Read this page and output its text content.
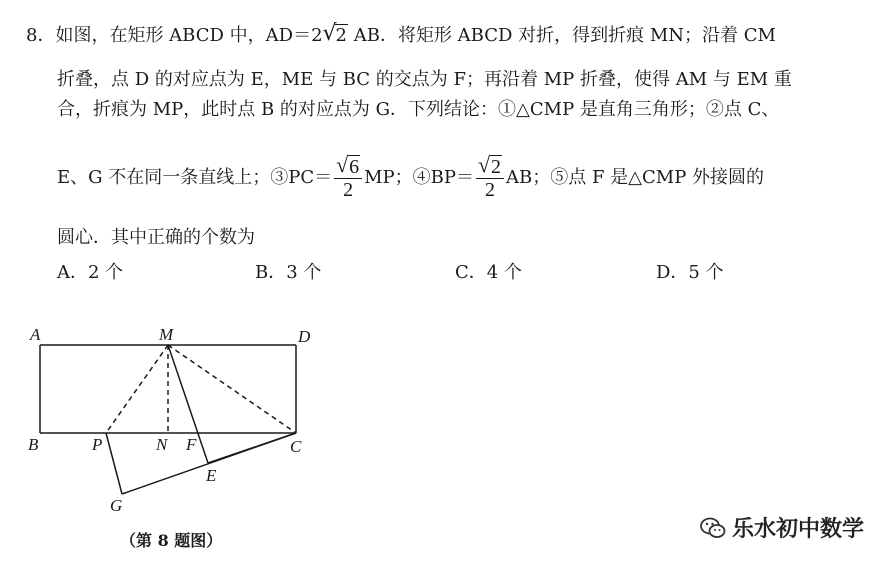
8．如图，在矩形 ABCD 中，AD＝2 √
2 AB．将矩形 ABCD 对折，得到折痕 MN；沿着 CM
折叠，点 D 的对应点为 E，ME 与 BC 的交点为 F；再沿着 MP 折叠，使得 AM 与 EM 重
合，折痕为 MP，此时点 B 的对应点为 G．下列结论：①△CMP 是直角三角形；②点 C、
E、G 不在同一条直线上；③PC＝ $\frac{√ 6}{2}$ MP；④BP＝ $\frac{√ 2}{2}$ AB；⑤点 F 是△CMP 外接圆的
圆心．其中正确的个数为
A．2 个	B．3 个	C．4 个	D．5 个
A	M	D
B	P	N F	C
E
G
（第 8 题图）	乐水初中数学
